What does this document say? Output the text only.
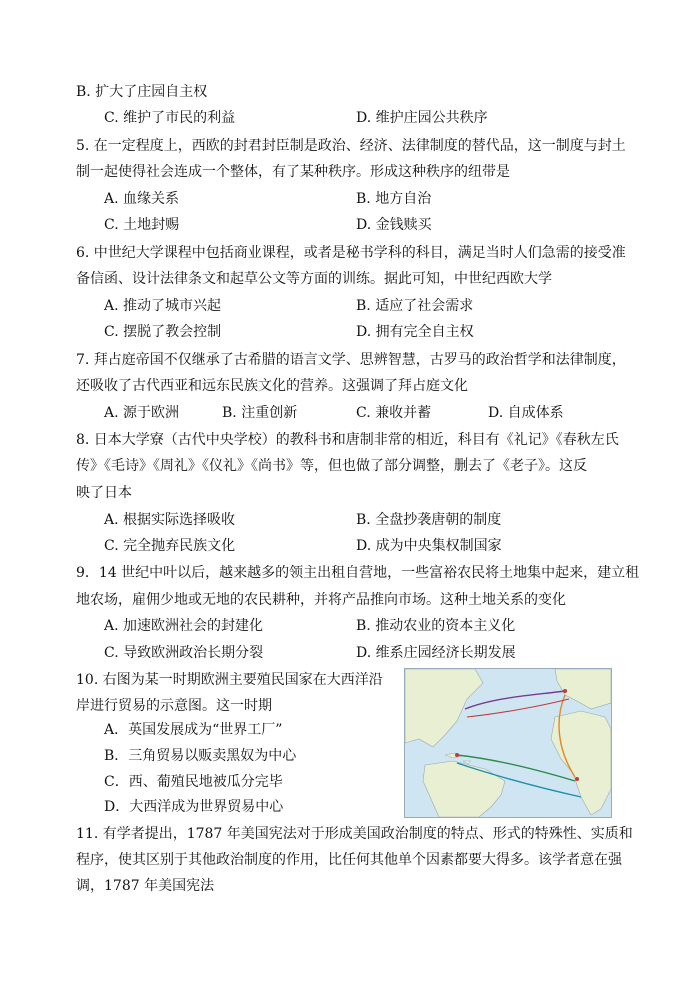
B. 扩大了庄园自主权
C. 维护了市民的利益	D. 维护庄园公共秩序
5. 在一定程度上，西欧的封君封臣制是政治、经济、法律制度的替代品，这一制度与封土
制一起使得社会连成一个整体，有了某种秩序。形成这种秩序的纽带是
A. 血缘关系	B. 地方自治
C. 土地封赐	D. 金钱赎买
6. 中世纪大学课程中包括商业课程，或者是秘书学科的科目，满足当时人们急需的接受准
备信函、设计法律条文和起草公文等方面的训练。据此可知，中世纪西欧大学
A. 推动了城市兴起	B. 适应了社会需求
C. 摆脱了教会控制	D. 拥有完全自主权
7. 拜占庭帝国不仅继承了古希腊的语言文学、思辨智慧，古罗马的政治哲学和法律制度，
还吸收了古代西亚和远东民族文化的营养。这强调了拜占庭文化
A. 源于欧洲	B. 注重创新	C. 兼收并蓄	D. 自成体系
8. 日本大学寮（古代中央学校）的教科书和唐制非常的相近，科目有《礼记》《春秋左氏
传》《毛诗》《周礼》《仪礼》《尚书》等，但也做了部分调整，删去了《老子》。这反
映了日本
A. 根据实际选择吸收	B. 全盘抄袭唐朝的制度
C. 完全抛弃民族文化	D. 成为中央集权制国家
9．14 世纪中叶以后，越来越多的领主出租自营地，一些富裕农民将土地集中起来，建立租
地农场，雇佣少地或无地的农民耕种，并将产品推向市场。这种土地关系的变化
A. 加速欧洲社会的封建化	B. 推动农业的资本主义化
C. 导致欧洲政治长期分裂	D. 维系庄园经济长期发展
10. 右图为某一时期欧洲主要殖民国家在大西洋沿
岸进行贸易的示意图。这一时期
A．英国发展成为“世界工厂”
B．三角贸易以贩卖黑奴为中心
C．西、葡殖民地被瓜分完毕
D．大西洋成为世界贸易中心
11. 有学者提出，1787 年美国宪法对于形成美国政治制度的特点、形式的特殊性、实质和
程序，使其区别于其他政治制度的作用，比任何其他单个因素都要大得多。该学者意在强
调，1787 年美国宪法
